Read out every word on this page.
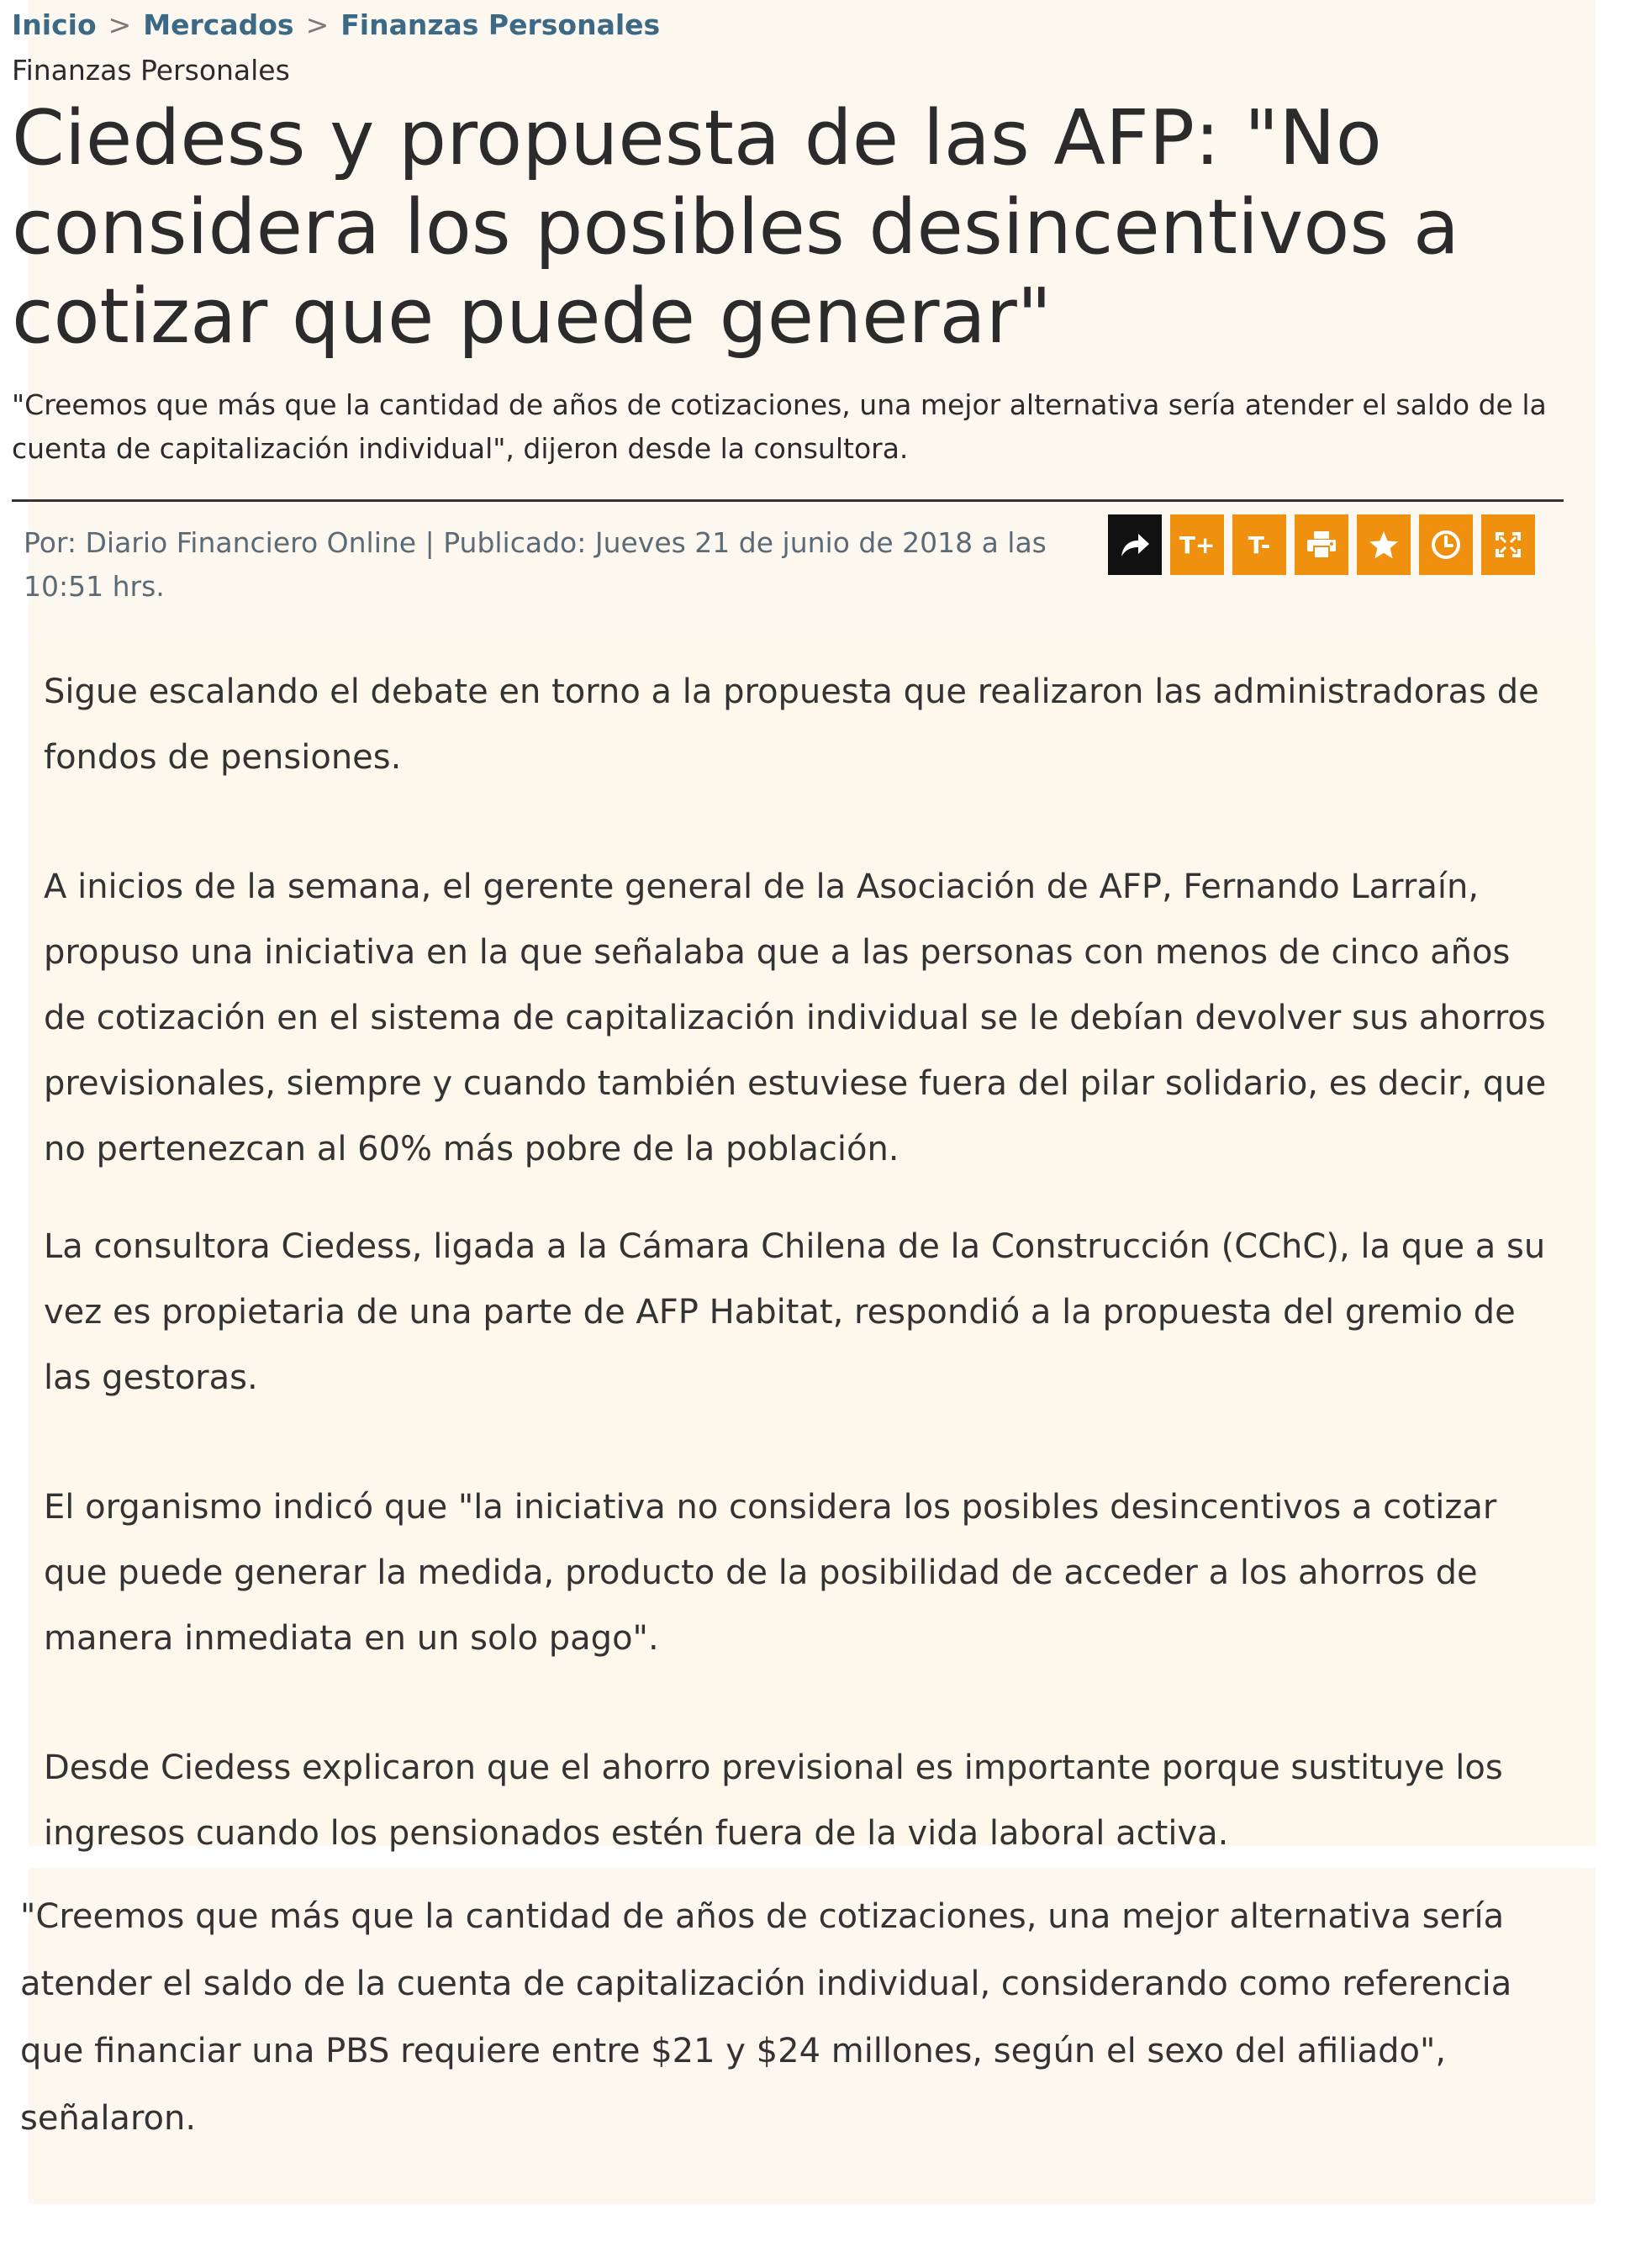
Inicio > Mercados > Finanzas Personales
Finanzas Personales
Ciedess y propuesta de las AFP: "No considera los posibles desincentivos a cotizar que puede generar"

"Creemos que más que la cantidad de años de cotizaciones, una mejor alternativa sería atender el saldo de la cuenta de capitalización individual", dijeron desde la consultora.

Por: Diario Financiero Online | Publicado: Jueves 21 de junio de 2018 a las 10:51 hrs.
T+	T-

Sigue escalando el debate en torno a la propuesta que realizaron las administradoras de fondos de pensiones.

A inicios de la semana, el gerente general de la Asociación de AFP, Fernando Larraín, propuso una iniciativa en la que señalaba que a las personas con menos de cinco años de cotización en el sistema de capitalización individual se le debían devolver sus ahorros previsionales, siempre y cuando también estuviese fuera del pilar solidario, es decir, que no pertenezcan al 60% más pobre de la población.

La consultora Ciedess, ligada a la Cámara Chilena de la Construcción (CChC), la que a su vez es propietaria de una parte de AFP Habitat, respondió a la propuesta del gremio de las gestoras.

El organismo indicó que "la iniciativa no considera los posibles desincentivos a cotizar que puede generar la medida, producto de la posibilidad de acceder a los ahorros de manera inmediata en un solo pago".

Desde Ciedess explicaron que el ahorro previsional es importante porque sustituye los ingresos cuando los pensionados estén fuera de la vida laboral activa.

"Creemos que más que la cantidad de años de cotizaciones, una mejor alternativa sería atender el saldo de la cuenta de capitalización individual, considerando como referencia que financiar una PBS requiere entre $21 y $24 millones, según el sexo del afiliado", señalaron.
